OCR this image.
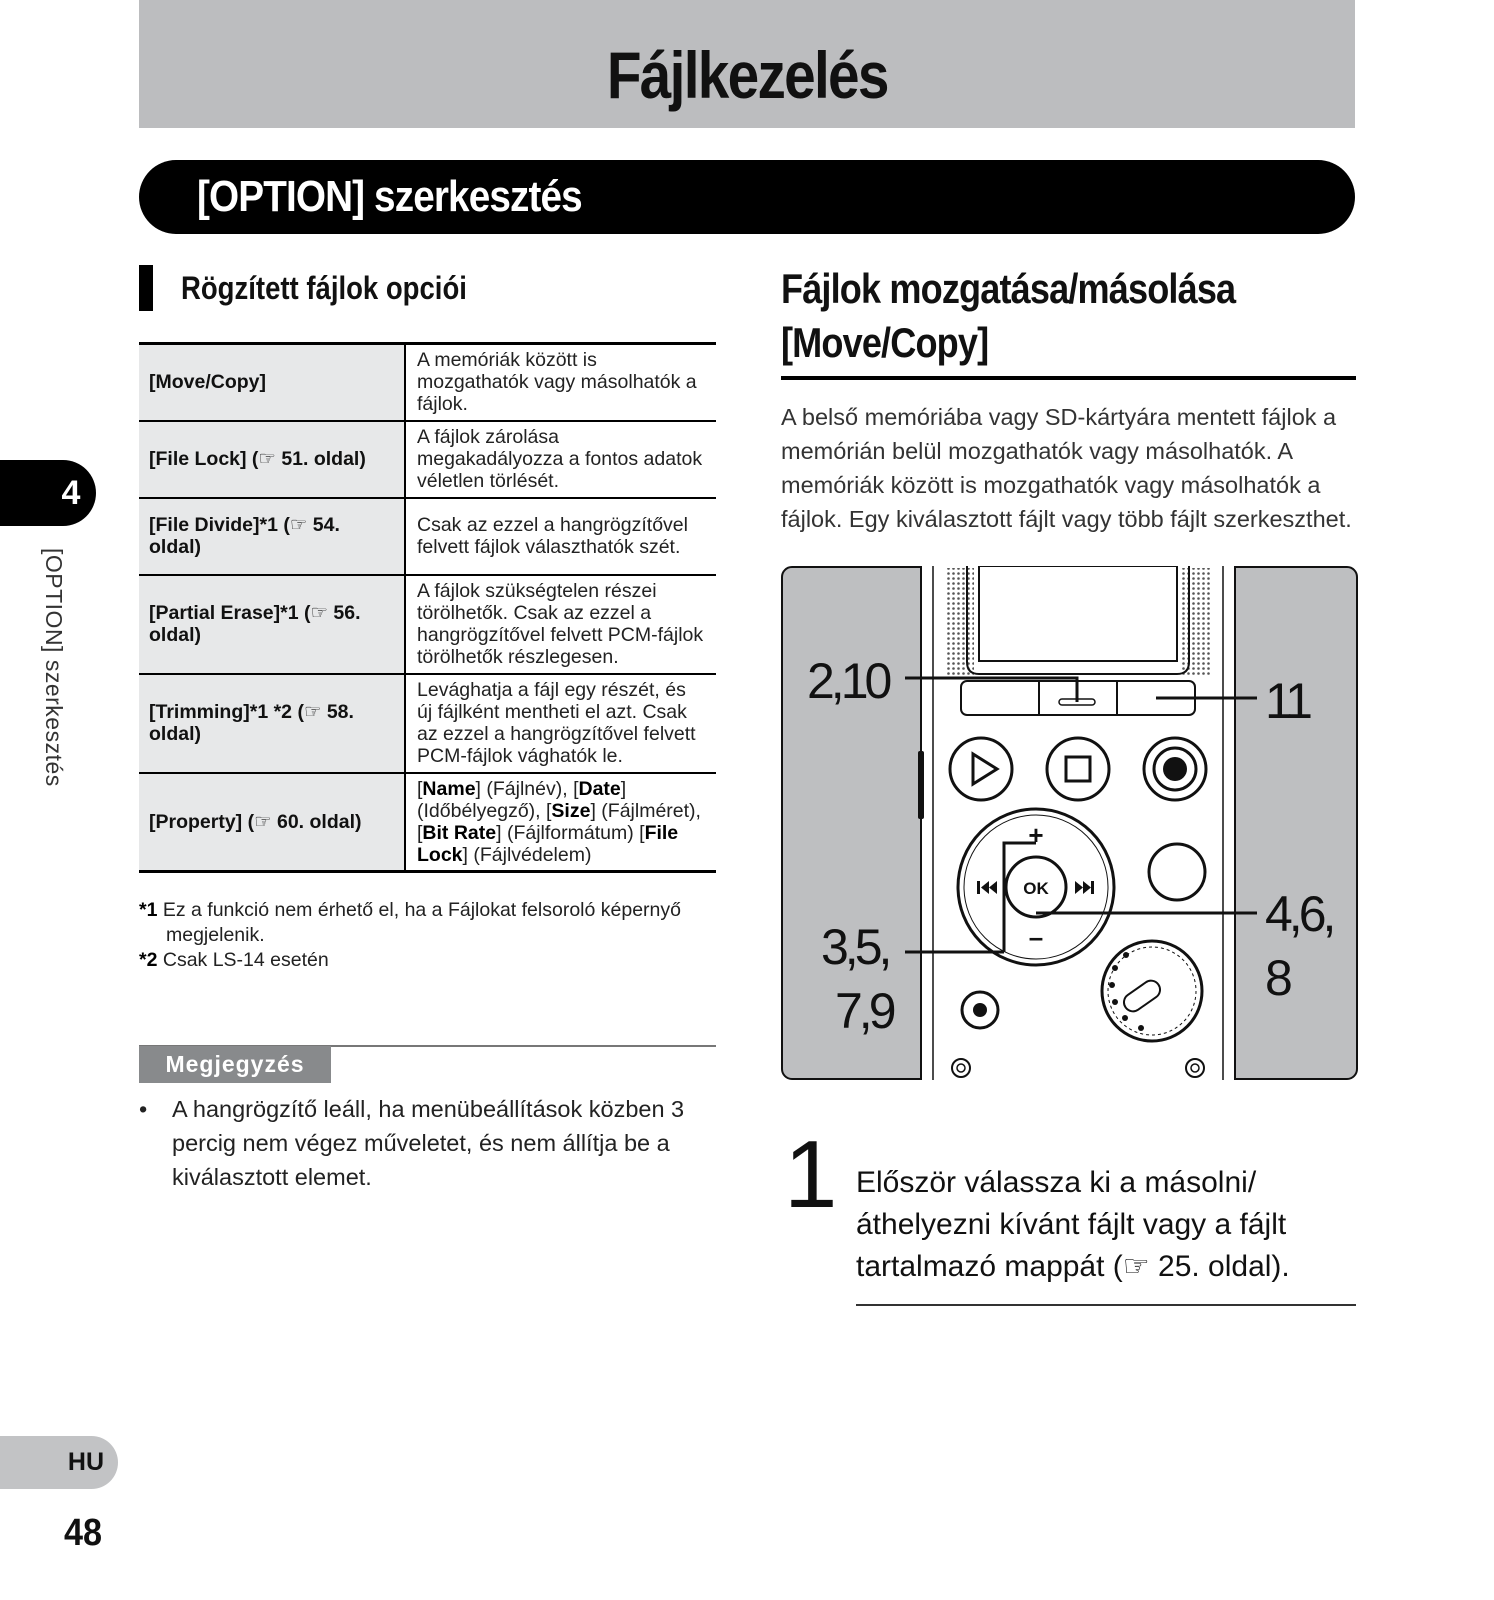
Fájlkezelés
[OPTION] szerkesztés
Rögzített fájlok opciói
[Move/Copy]	A memóriák között is mozgathatók vagy másolhatók a fájlok.
[File Lock] (☞ 51. oldal)	A fájlok zárolása megakadályozza a fontos adatok véletlen törlését.
[File Divide]*1 (☞ 54. oldal)	Csak az ezzel a hangrögzítővel felvett fájlok választhatók szét.
[Partial Erase]*1 (☞ 56. oldal)	A fájlok szükségtelen részei törölhetők. Csak az ezzel a hangrögzítővel felvett PCM-fájlok törölhetők részlegesen.
[Trimming]*1 *2 (☞ 58. oldal)	Levághatja a fájl egy részét, és új fájlként mentheti el azt. Csak az ezzel a hangrögzítővel felvett PCM-fájlok vághatók le.
[Property] (☞ 60. oldal)	[Name] (Fájlnév), [Date] (Időbélyegző), [Size] (Fájlméret), [Bit Rate] (Fájlformátum) [File Lock] (Fájlvédelem)
*1 Ez a funkció nem érhető el, ha a Fájlokat felsoroló képernyő megjelenik.
*2 Csak LS-14 esetén
Megjegyzés
• A hangrögzítő leáll, ha menübeállítások közben 3 percig nem végez műveletet, és nem állítja be a kiválasztott elemet.
Fájlok mozgatása/másolása
[Move/Copy]

A belső memóriába vagy SD-kártyára mentett fájlok a memórián belül mozgathatók vagy másolhatók. A memóriák között is mozgathatók vagy másolhatók a fájlok. Egy kiválasztott fájlt vagy több fájlt szerkeszthet.

OK
+
–
2,10	11
3,5,
7,9
4,6,
8
1 Először válassza ki a másolni/ áthelyezni kívánt fájlt vagy a fájlt tartalmazó mappát (☞ 25. oldal).

4
[OPTION] szerkesztés
HU
48
